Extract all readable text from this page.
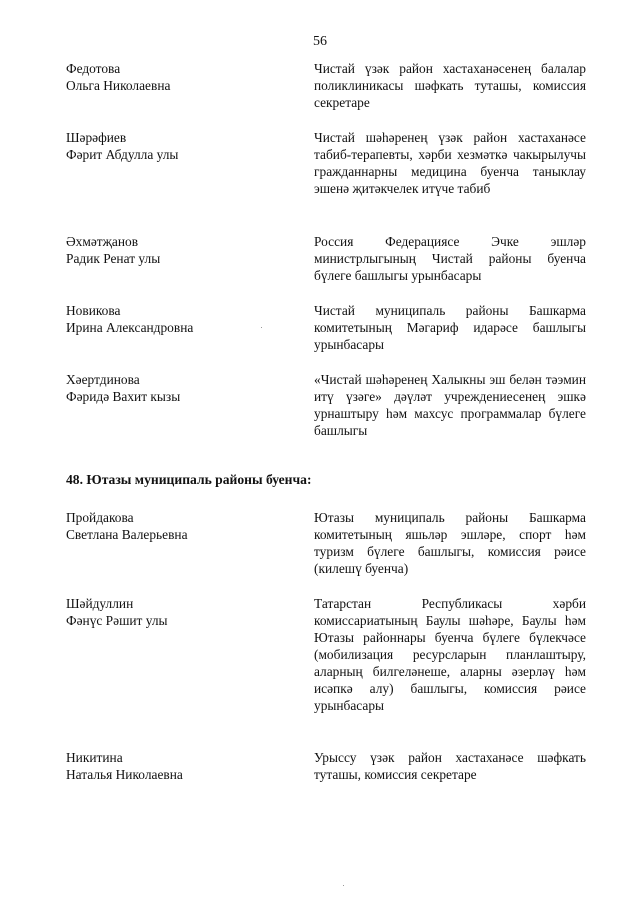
56
Федотова
Ольга Николаевна
Чистай үзәк район хастаханәсенең балалар поликлиникасы шәфкать туташы, комиссия секретаре
Шәрәфиев
Фәрит Абдулла улы
Чистай шәһәренең үзәк район хастаханәсе табиб-терапевты, хәрби хезмәткә чакырылучы гражданнарны медицина буенча таныклау эшенә җитәкчелек итүче табиб
Әхмәтҗанов
Радик Ренат улы
Россия Федерациясе Эчке эшләр министрлыгының Чистай районы буенча бүлеге башлыгы урынбасары
Новикова
Ирина Александровна
Чистай муниципаль районы Башкарма комитетының Мәгариф идарәсе башлыгы урынбасары
Хәертдинова
Фәридә Вахит кызы
«Чистай шәһәренең Халыкны эш белән тәэмин итү үзәге» дәүләт учреждениесенең эшкә урнаштыру һәм махсус программалар бүлеге башлыгы
48. Ютазы муниципаль районы буенча:
Пройдакова
Светлана Валерьевна
Ютазы муниципаль районы Башкарма комитетының яшьләр эшләре, спорт һәм туризм бүлеге башлыгы, комиссия рәисе (килешү буенча)
Шәйдуллин
Фәнүс Рәшит улы
Татарстан Республикасы хәрби комиссариатының Баулы шәһәре, Баулы һәм Ютазы районнары буенча бүлеге бүлекчәсе (мобилизация ресурсларын планлаштыру, аларның билгеләнеше, аларны әзерләү һәм исәпкә алу) башлыгы, комиссия рәисе урынбасары
Никитина
Наталья Николаевна
Урыссу үзәк район хастаханәсе шәфкать туташы, комиссия секретаре
